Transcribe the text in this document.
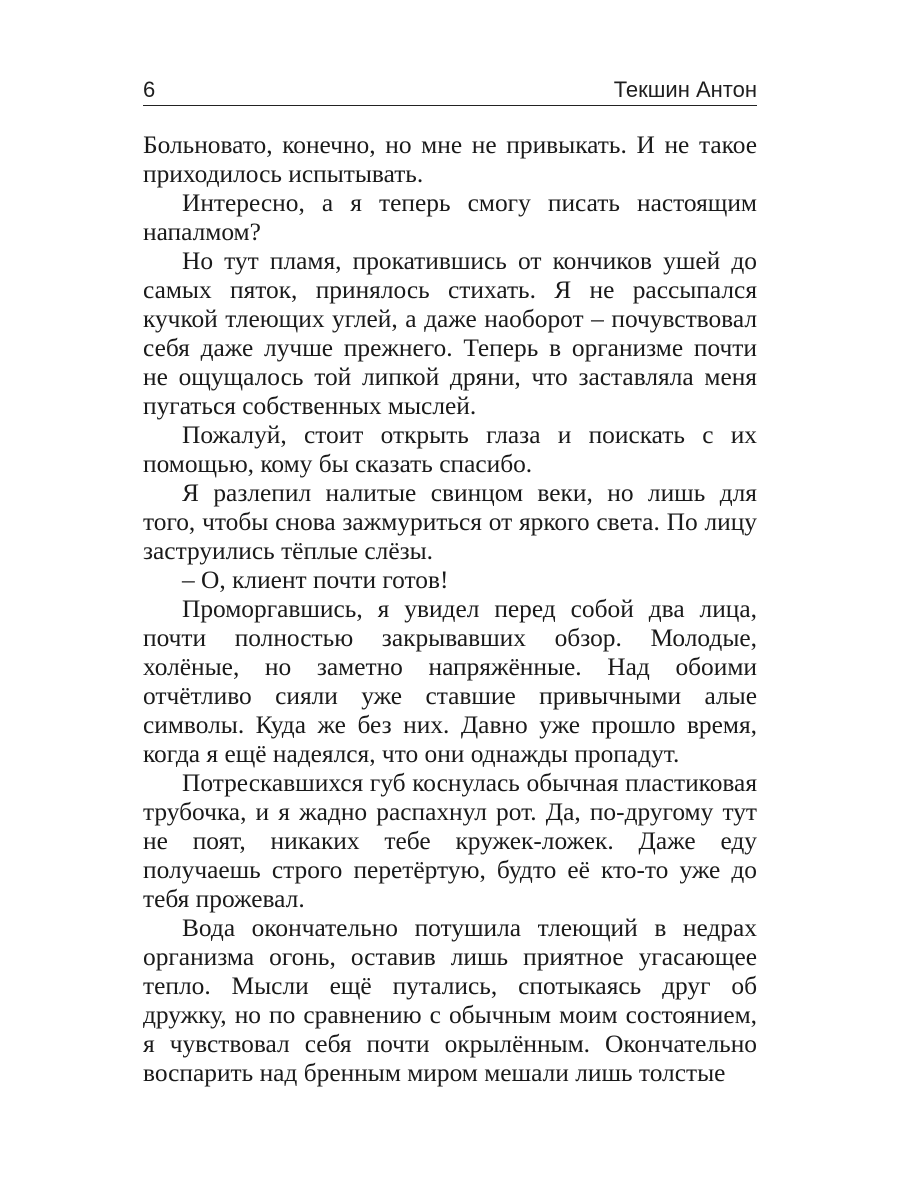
6	Текшин Антон

Больновато, конечно, но мне не привыкать. И не такое приходилось испытывать.

Интересно, а я теперь смогу писать настоящим напалмом?

Но тут пламя, прокатившись от кончиков ушей до самых пяток, принялось стихать. Я не рассыпался кучкой тлеющих углей, а даже наоборот – почувствовал себя даже лучше прежнего. Теперь в организме почти не ощущалось той липкой дряни, что заставляла меня пугаться собственных мыслей.

Пожалуй, стоит открыть глаза и поискать с их помощью, кому бы сказать спасибо.

Я разлепил налитые свинцом веки, но лишь для того, чтобы снова зажмуриться от яркого света. По лицу заструились тёплые слёзы.

– О, клиент почти готов!

Проморгавшись, я увидел перед собой два лица, почти полностью закрывавших обзор. Молодые, холёные, но заметно напряжённые. Над обоими отчётливо сияли уже ставшие привычными алые символы. Куда же без них. Давно уже прошло время, когда я ещё надеялся, что они однажды пропадут.

Потрескавшихся губ коснулась обычная пластиковая трубочка, и я жадно распахнул рот. Да, по-другому тут не поят, никаких тебе кружек-ложек. Даже еду получаешь строго перетёртую, будто её кто-то уже до тебя прожевал.

Вода окончательно потушила тлеющий в недрах организма огонь, оставив лишь приятное угасающее тепло. Мысли ещё путались, спотыкаясь друг об дружку, но по сравнению с обычным моим состоянием, я чувствовал себя почти окрылённым. Окончательно воспарить над бренным миром мешали лишь толстые
